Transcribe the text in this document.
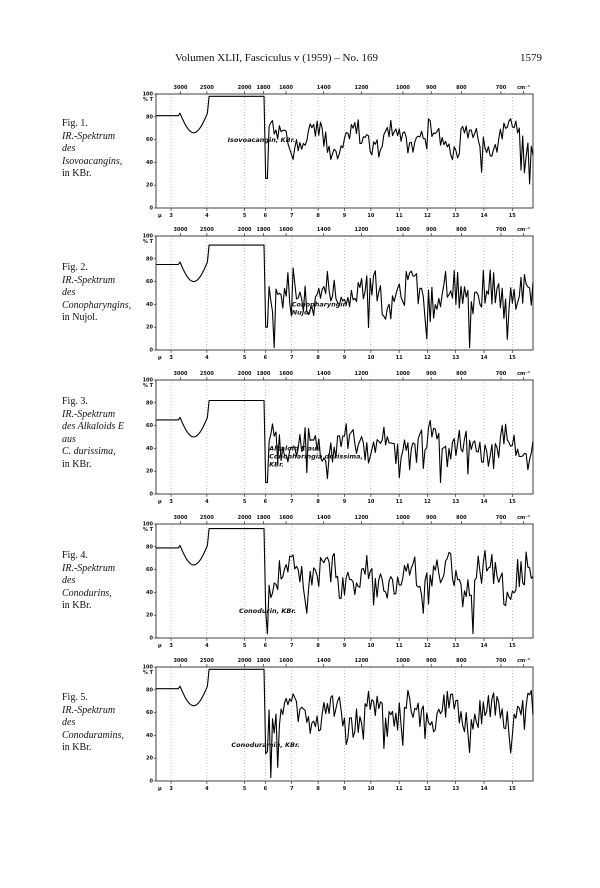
Volumen XLII, Fasciculus v (1959) – No. 169	1579
Fig. 1.
IR.-Spektrum
des
Isovoacangins,
in KBr.
Fig. 2.
IR.-Spektrum
des
Conopharyngins,
in Nujol.
Fig. 3.
IR.-Spektrum
des Alkaloids E
aus
C. durissima,
in KBr.
Fig. 4.
IR.-Spektrum
des
Conodurins,
in KBr.
Fig. 5.
IR.-Spektrum
des
Conoduramins,
in KBr.
3000 2500	2000 1800 1600	1400	1200	1000	900	800	700 cm⁻¹
3	4	5	6	7	8	9	10	11	12	13	14	15
μ
100
80
60
40
20
0
% T
Isovoacangin, KBr.
3000 2500	2000 1800 1600	1400	1200	1000	900	800	700 cm⁻¹
3	4	5	6	7	8	9	10	11	12	13	14	15
μ
100
80
60
40
20
0
% T
Conopharyngin
Nujol
3000 2500	2000 1800 1600	1400	1200	1000	900	800	700 cm⁻¹
3	4	5	6	7	8	9	10	11	12	13	14	15
μ
100
80
60
40
20
0
% T
Alkaloid E aus
Conopharingia durissima,
KBr.
3000 2500	2000 1800 1600	1400	1200	1000	900	800	700 cm⁻¹
3	4	5	6	7	8	9	10	11	12	13	14	15
μ
100
80
60
40
20
0
% T
Conodurin, KBr.
3000 2500	2000 1800 1600	1400	1200	1000	900	800	700 cm⁻¹
3	4	5	6	7	8	9	10	11	12	13	14	15
μ
100
80
60
40
20
0
% T
Conoduramin, KBr.
